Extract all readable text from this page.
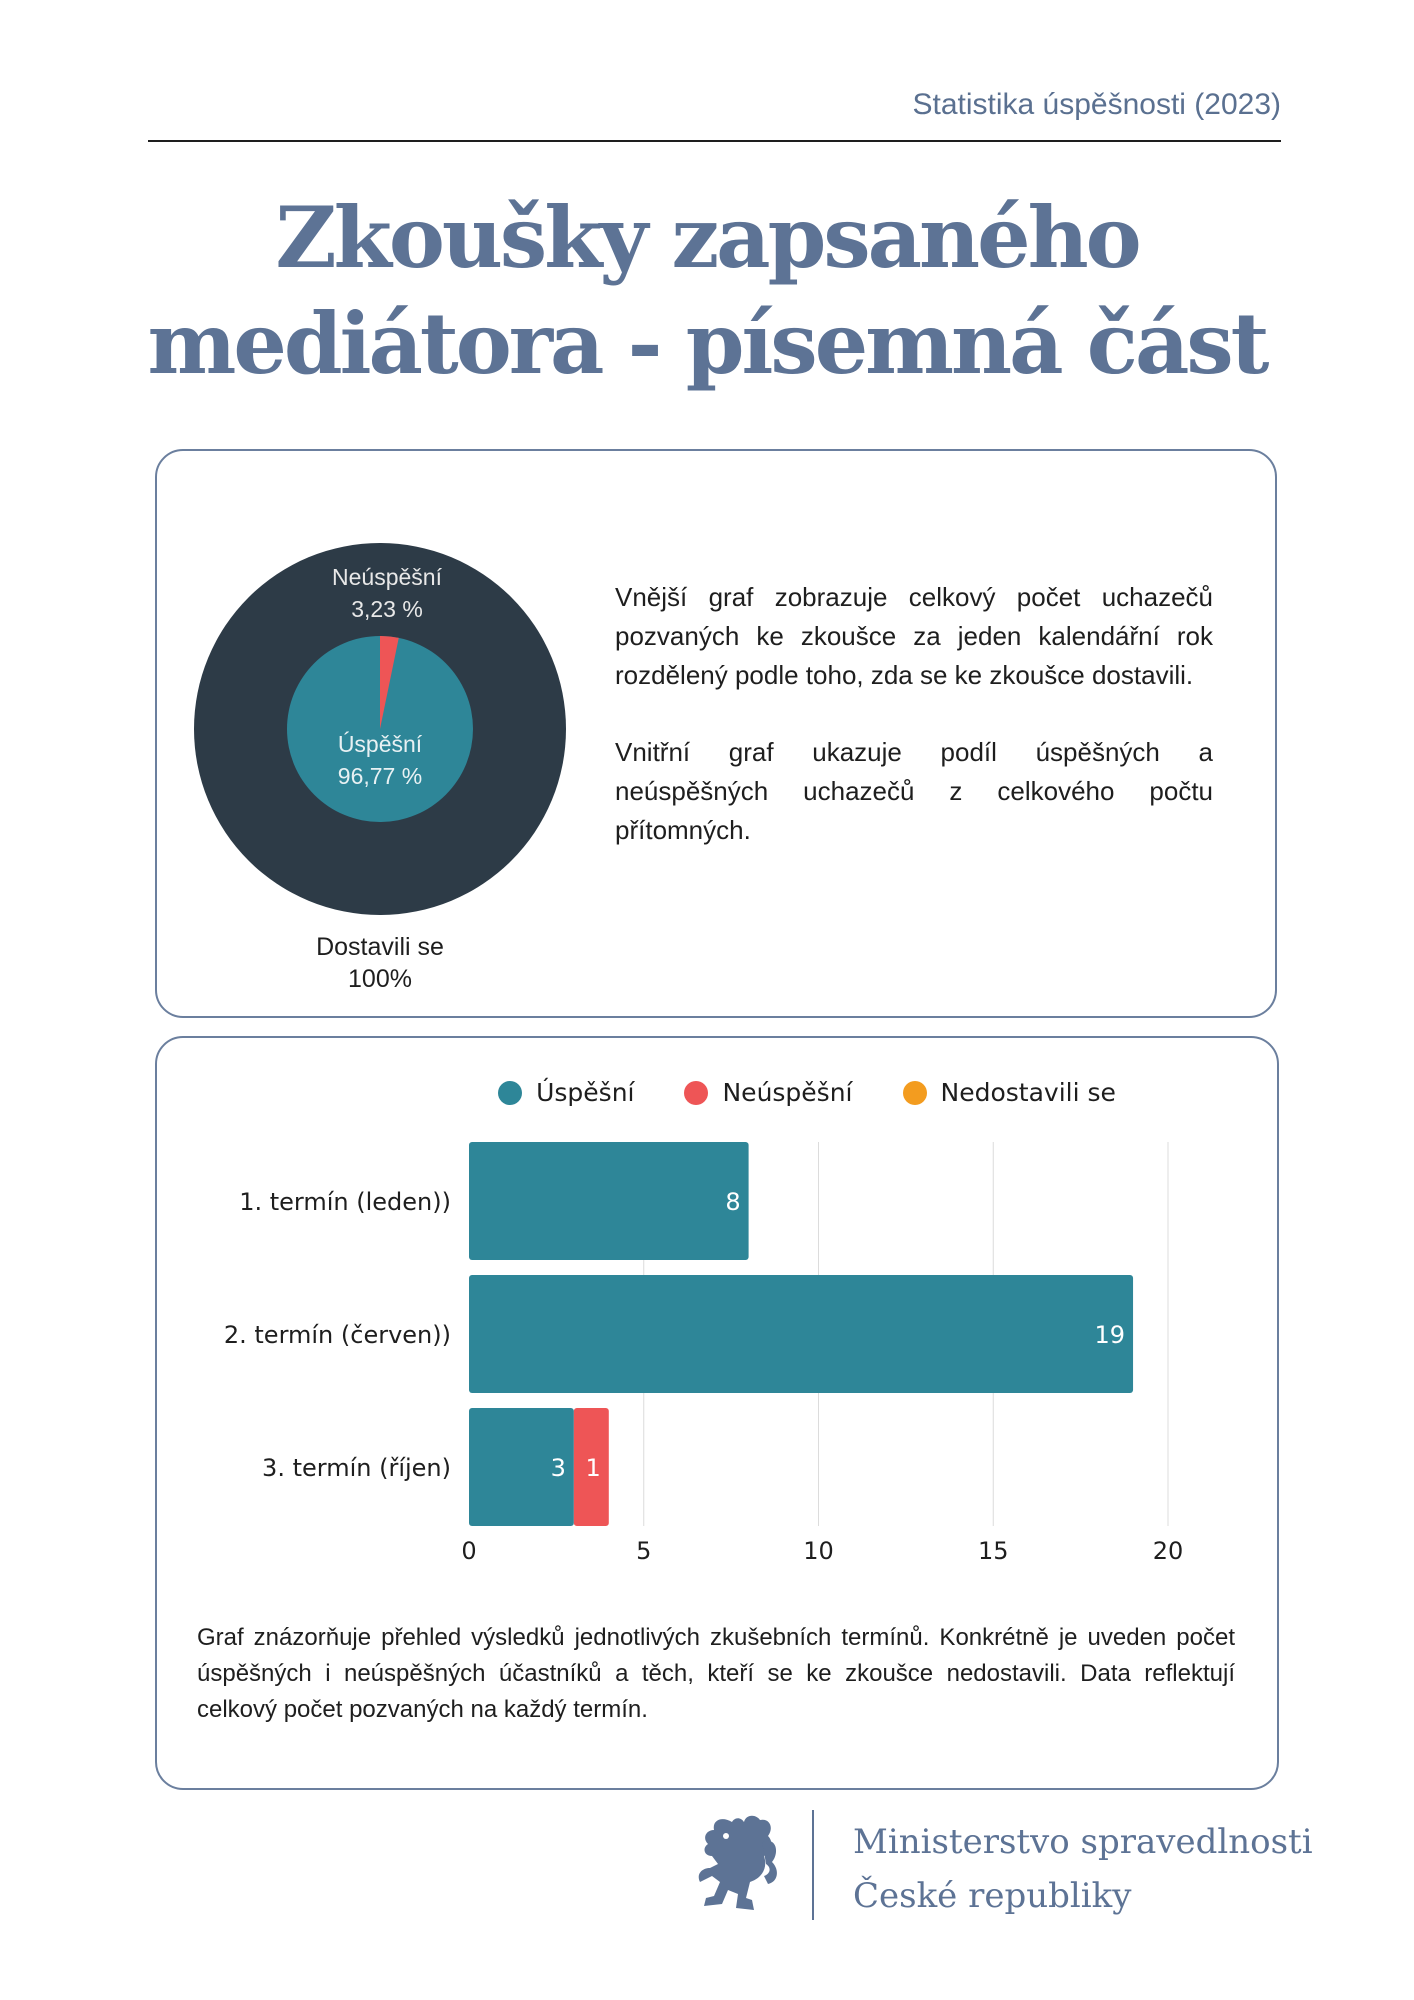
Statistika úspěšnosti (2023)
Zkoušky zapsaného
mediátora - písemná část
Neúspěšní
3,23 %
Úspěšní
96,77 %
Dostavili se
100%

Vnější graf zobrazuje celkový počet uchazečů pozvaných ke zkoušce za jeden kalendářní rok rozdělený podle toho, zda se ke zkoušce dostavili.

Vnitřní graf ukazuje podíl úspěšných a neúspěšných uchazečů z celkového počtu přítomných.

Úspěšní	Neúspěšní	Nedostavili se
0	5	10	15	20
1. termín (leden))	8
2. termín (červen))	19
3. termín (říjen)	3 1
Graf znázorňuje přehled výsledků jednotlivých zkušebních termínů. Konkrétně je uveden počet úspěšných i neúspěšných účastníků a těch, kteří se ke zkoušce nedostavili. Data reflektují celkový počet pozvaných na každý termín.
Ministerstvo spravedlnosti
České republiky
